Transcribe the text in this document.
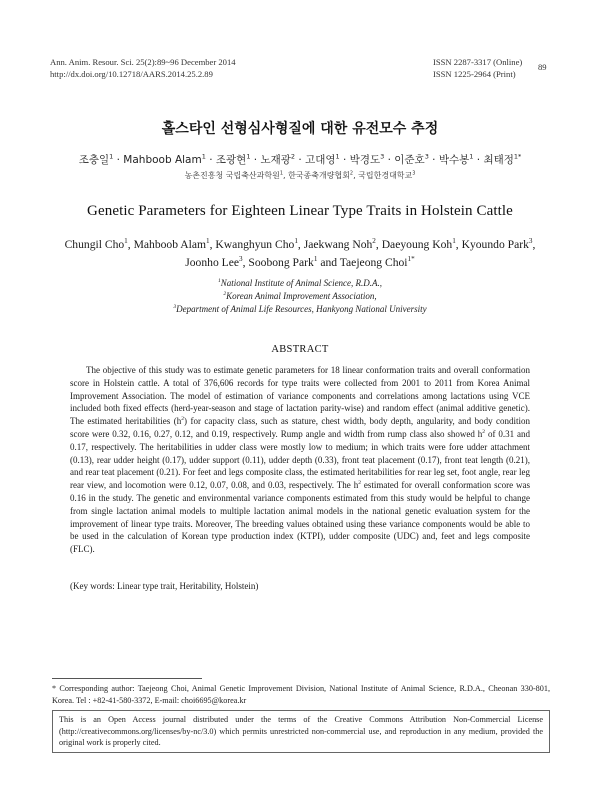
Ann. Anim. Resour. Sci. 25(2):89~96 December 2014
http://dx.doi.org/10.12718/AARS.2014.25.2.89
ISSN 2287-3317 (Online)
ISSN 1225-2964 (Print)
89
홀스타인 선형심사형질에 대한 유전모수 추정
조충일$^1$ · Mahboob Alam$^1$ · 조광현$^1$ · 노재광$^2$ · 고대영$^1$ · 박경도$^3$ · 이준호$^3$ · 박수봉$^1$ · 최태정$^{1*}$
농촌진흥청 국립축산과학원$^1$, 한국종축개량협회$^2$, 국립한경대학교$^3$
Genetic Parameters for Eighteen Linear Type Traits in Holstein Cattle
Chungil Cho$^1$, Mahboob Alam$^1$, Kwanghyun Cho$^1$, Jaekwang Noh$^2$, Daeyoung Koh$^1$, Kyoundo Park$^3$,
Joonho Lee$^3$, Soobong Park$^1$ and Taejeong Choi$^{1*}$
$^1$National Institute of Animal Science, R.D.A.,
$^2$Korean Animal Improvement Association,
$^3$Department of Animal Life Resources, Hankyong National University
ABSTRACT

The objective of this study was to estimate genetic parameters for 18 linear conformation traits and overall conformation score in Holstein cattle. A total of 376,606 records for type traits were collected from 2001 to 2011 from Korea Animal Improvement Association. The model of estimation of variance components and correlations among lactations using VCE included both fixed effects (herd-year-season and stage of lactation parity-wise) and random effect (animal additive genetic). The estimated heritabilities $(h^2)$ for capacity class, such as stature, chest width, body depth, angularity, and body condition score were 0.32, 0.16, 0.27, 0.12, and 0.19, respectively. Rump angle and width from rump class also showed $h^2$ of 0.31 and 0.17, respectively. The heritabilities in udder class were mostly low to medium; in which traits were fore udder attachment (0.13), rear udder height (0.17), udder support (0.11), udder depth (0.33), front teat placement (0.17), front teat length (0.21), and rear teat placement (0.21). For feet and legs composite class, the estimated heritabilities for rear leg set, foot angle, rear leg rear view, and locomotion were 0.12, 0.07, 0.08, and 0.03, respectively. The $h^2$ estimated for overall conformation score was 0.16 in the study. The genetic and environmental variance components estimated from this study would be helpful to change from single lactation animal models to multiple lactation animal models in the national genetic evaluation system for the improvement of linear type traits. Moreover, The breeding values obtained using these variance components would be able to be used in the calculation of Korean type production index (KTPI), udder composite (UDC) and, feet and legs composite (FLC).

(Key words: Linear type trait, Heritability, Holstein)
* Corresponding author: Taejeong Choi, Animal Genetic Improvement Division, National Institute of Animal Science, R.D.A., Cheonan 330-801, Korea. Tel : +82-41-580-3372, E-mail: choi6695@korea.kr
This is an Open Access journal distributed under the terms of the Creative Commons Attribution Non-Commercial License (http://creativecommons.org/licenses/by-nc/3.0) which permits unrestricted non-commercial use, and reproduction in any medium, provided the original work is properly cited.
